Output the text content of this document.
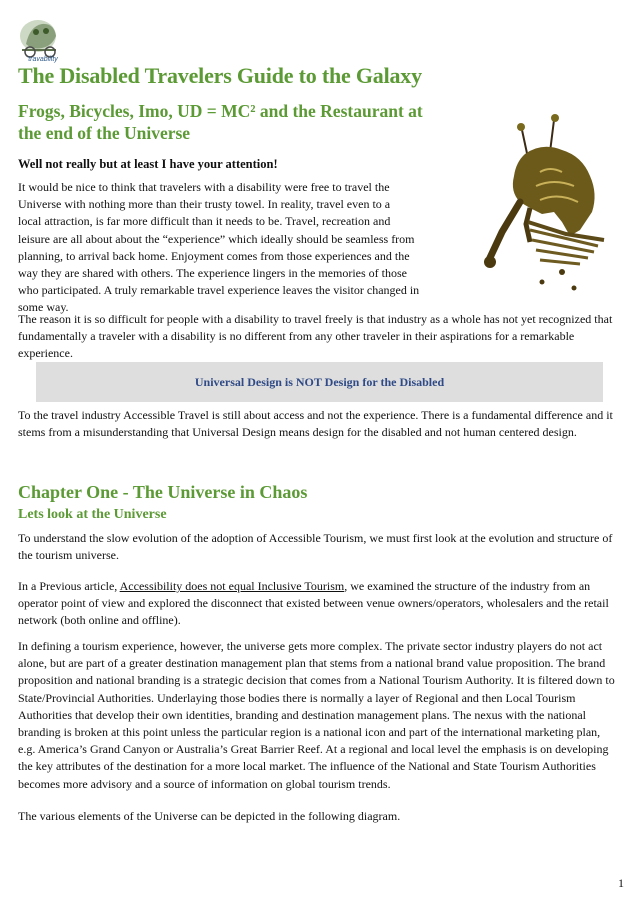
travability
The Disabled Travelers Guide to the Galaxy
Frogs, Bicycles, Imo, UD = MC² and the Restaurant at the end of the Universe

Well not really but at least I have your attention!

It would be nice to think that travelers with a disability were free to travel the
Universe with nothing more than their trusty towel. In reality, travel even to a
local attraction, is far more difficult than it needs to be. Travel, recreation and
leisure are all about about the “experience” which ideally should be seamless from
planning, to arrival back home. Enjoyment comes from those experiences and the
way they are shared with others. The experience lingers in the memories of those
who participated. A truly remarkable travel experience leaves the visitor changed in
some way.

The reason it is so difficult for people with a disability to travel freely is that industry as a whole has not yet recognized that fundamentally a traveler with a disability is no different from any other traveler in their aspirations for a remarkable experience.

Universal Design is NOT Design for the Disabled

To the travel industry Accessible Travel is still about access and not the experience. There is a fundamental difference and it stems from a misunderstanding that Universal Design means design for the disabled and not human centered design.

Chapter One - The Universe in Chaos
Lets look at the Universe

To understand the slow evolution of the adoption of Accessible Tourism, we must first look at the evolution and structure of the tourism universe.

In a Previous article, Accessibility does not equal Inclusive Tourism, we examined the structure of the industry from an operator point of view and explored the disconnect that existed between venue owners/operators, wholesalers and the retail network (both online and offline).

In defining a tourism experience, however, the universe gets more complex. The private sector industry players do not act alone, but are part of a greater destination management plan that stems from a national brand value proposition. The brand proposition and national branding is a strategic decision that comes from a National Tourism Authority. It is filtered down to State/Provincial Authorities. Underlaying those bodies there is normally a layer of Regional and then Local Tourism Authorities that develop their own identities, branding and destination management plans. The nexus with the national branding is broken at this point unless the particular region is a national icon and part of the international marketing plan, e.g. America’s Grand Canyon or Australia’s Great Barrier Reef. At a regional and local level the emphasis is on developing the key attributes of the destination for a more local market. The influence of the National and State Tourism Authorities becomes more advisory and a source of information on global tourism trends.

The various elements of the Universe can be depicted in the following diagram.

1
